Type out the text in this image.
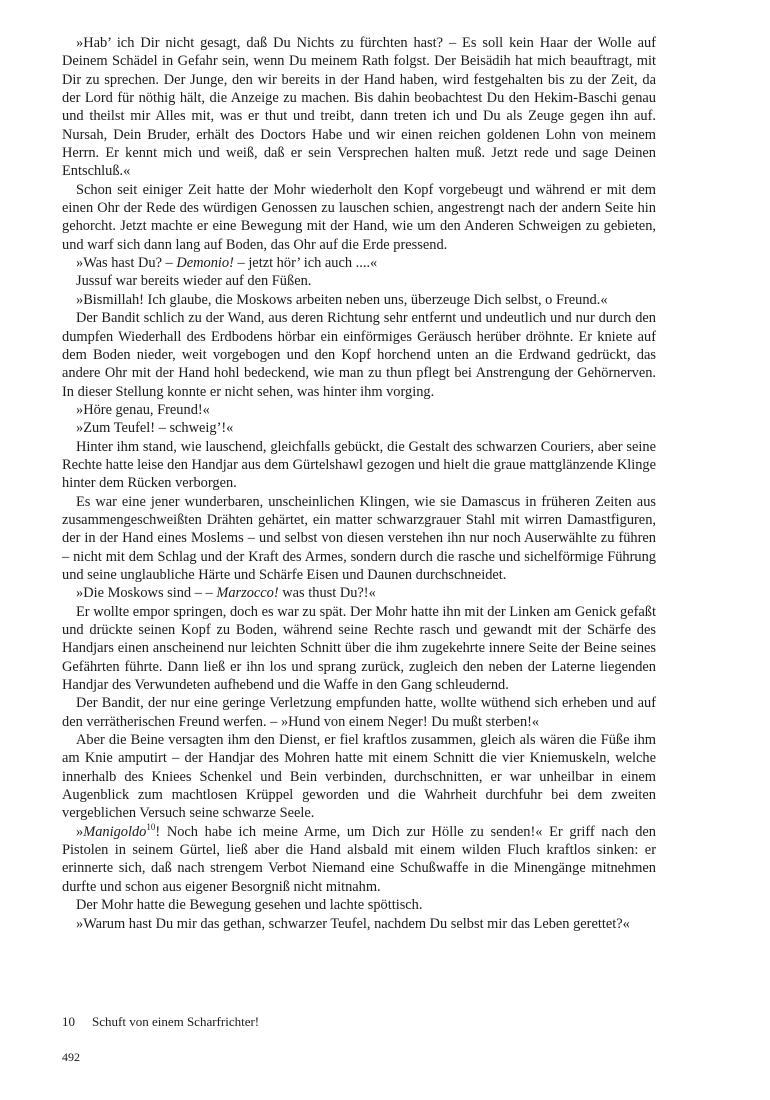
»Hab’ ich Dir nicht gesagt, daß Du Nichts zu fürchten hast? – Es soll kein Haar der Wolle auf Deinem Schädel in Gefahr sein, wenn Du meinem Rath folgst. Der Beisädih hat mich beauftragt, mit Dir zu sprechen. Der Junge, den wir bereits in der Hand haben, wird festgehalten bis zu der Zeit, da der Lord für nöthig hält, die Anzeige zu machen. Bis dahin beobachtest Du den Hekim-Baschi genau und theilst mir Alles mit, was er thut und treibt, dann treten ich und Du als Zeuge gegen ihn auf. Nursah, Dein Bruder, erhält des Doctors Habe und wir einen reichen goldenen Lohn von meinem Herrn. Er kennt mich und weiß, daß er sein Versprechen halten muß. Jetzt rede und sage Deinen Entschluß.«

Schon seit einiger Zeit hatte der Mohr wiederholt den Kopf vorgebeugt und während er mit dem einen Ohr der Rede des würdigen Genossen zu lauschen schien, angestrengt nach der andern Seite hin gehorcht. Jetzt machte er eine Bewegung mit der Hand, wie um den Anderen Schweigen zu gebieten, und warf sich dann lang auf Boden, das Ohr auf die Erde pressend.

»Was hast Du? – Demonio! – jetzt hör’ ich auch ....«

Jussuf war bereits wieder auf den Füßen.

»Bismillah! Ich glaube, die Moskows arbeiten neben uns, überzeuge Dich selbst, o Freund.«

Der Bandit schlich zu der Wand, aus deren Richtung sehr entfernt und undeutlich und nur durch den dumpfen Wiederhall des Erdbodens hörbar ein einförmiges Geräusch herüber dröhnte. Er kniete auf dem Boden nieder, weit vorgebogen und den Kopf horchend unten an die Erdwand gedrückt, das andere Ohr mit der Hand hohl bedeckend, wie man zu thun pflegt bei Anstrengung der Gehörnerven. In dieser Stellung konnte er nicht sehen, was hinter ihm vorging.

»Höre genau, Freund!«

»Zum Teufel! – schweig’!«

Hinter ihm stand, wie lauschend, gleichfalls gebückt, die Gestalt des schwarzen Couriers, aber seine Rechte hatte leise den Handjar aus dem Gürtelshawl gezogen und hielt die graue mattglänzende Klinge hinter dem Rücken verborgen.

Es war eine jener wunderbaren, unscheinlichen Klingen, wie sie Damascus in früheren Zeiten aus zusammengeschweißten Drähten gehärtet, ein matter schwarzgrauer Stahl mit wirren Damastfiguren, der in der Hand eines Moslems – und selbst von diesen verstehen ihn nur noch Auserwählte zu führen – nicht mit dem Schlag und der Kraft des Armes, sondern durch die rasche und sichelförmige Führung und seine unglaubliche Härte und Schärfe Eisen und Daunen durchschneidet.

»Die Moskows sind – – Marzocco! was thust Du?!«

Er wollte empor springen, doch es war zu spät. Der Mohr hatte ihn mit der Linken am Genick gefaßt und drückte seinen Kopf zu Boden, während seine Rechte rasch und gewandt mit der Schärfe des Handjars einen anscheinend nur leichten Schnitt über die ihm zugekehrte innere Seite der Beine seines Gefährten führte. Dann ließ er ihn los und sprang zurück, zugleich den neben der Laterne liegenden Handjar des Verwundeten aufhebend und die Waffe in den Gang schleudernd.

Der Bandit, der nur eine geringe Verletzung empfunden hatte, wollte wüthend sich erheben und auf den verrätherischen Freund werfen. – »Hund von einem Neger! Du mußt sterben!«

Aber die Beine versagten ihm den Dienst, er fiel kraftlos zusammen, gleich als wären die Füße ihm am Knie amputirt – der Handjar des Mohren hatte mit einem Schnitt die vier Kniemuskeln, welche innerhalb des Kniees Schenkel und Bein verbinden, durchschnitten, er war unheilbar in einem Augenblick zum machtlosen Krüppel geworden und die Wahrheit durchfuhr bei dem zweiten vergeblichen Versuch seine schwarze Seele.

»Manigoldo$^{10}$! Noch habe ich meine Arme, um Dich zur Hölle zu senden!« Er griff nach den Pistolen in seinem Gürtel, ließ aber die Hand alsbald mit einem wilden Fluch kraftlos sinken: er erinnerte sich, daß nach strengem Verbot Niemand eine Schußwaffe in die Minengänge mitnehmen durfte und schon aus eigener Besorgniß nicht mitnahm.

Der Mohr hatte die Bewegung gesehen und lachte spöttisch.

»Warum hast Du mir das gethan, schwarzer Teufel, nachdem Du selbst mir das Leben gerettet?«

10 Schuft von einem Scharfrichter!
492
